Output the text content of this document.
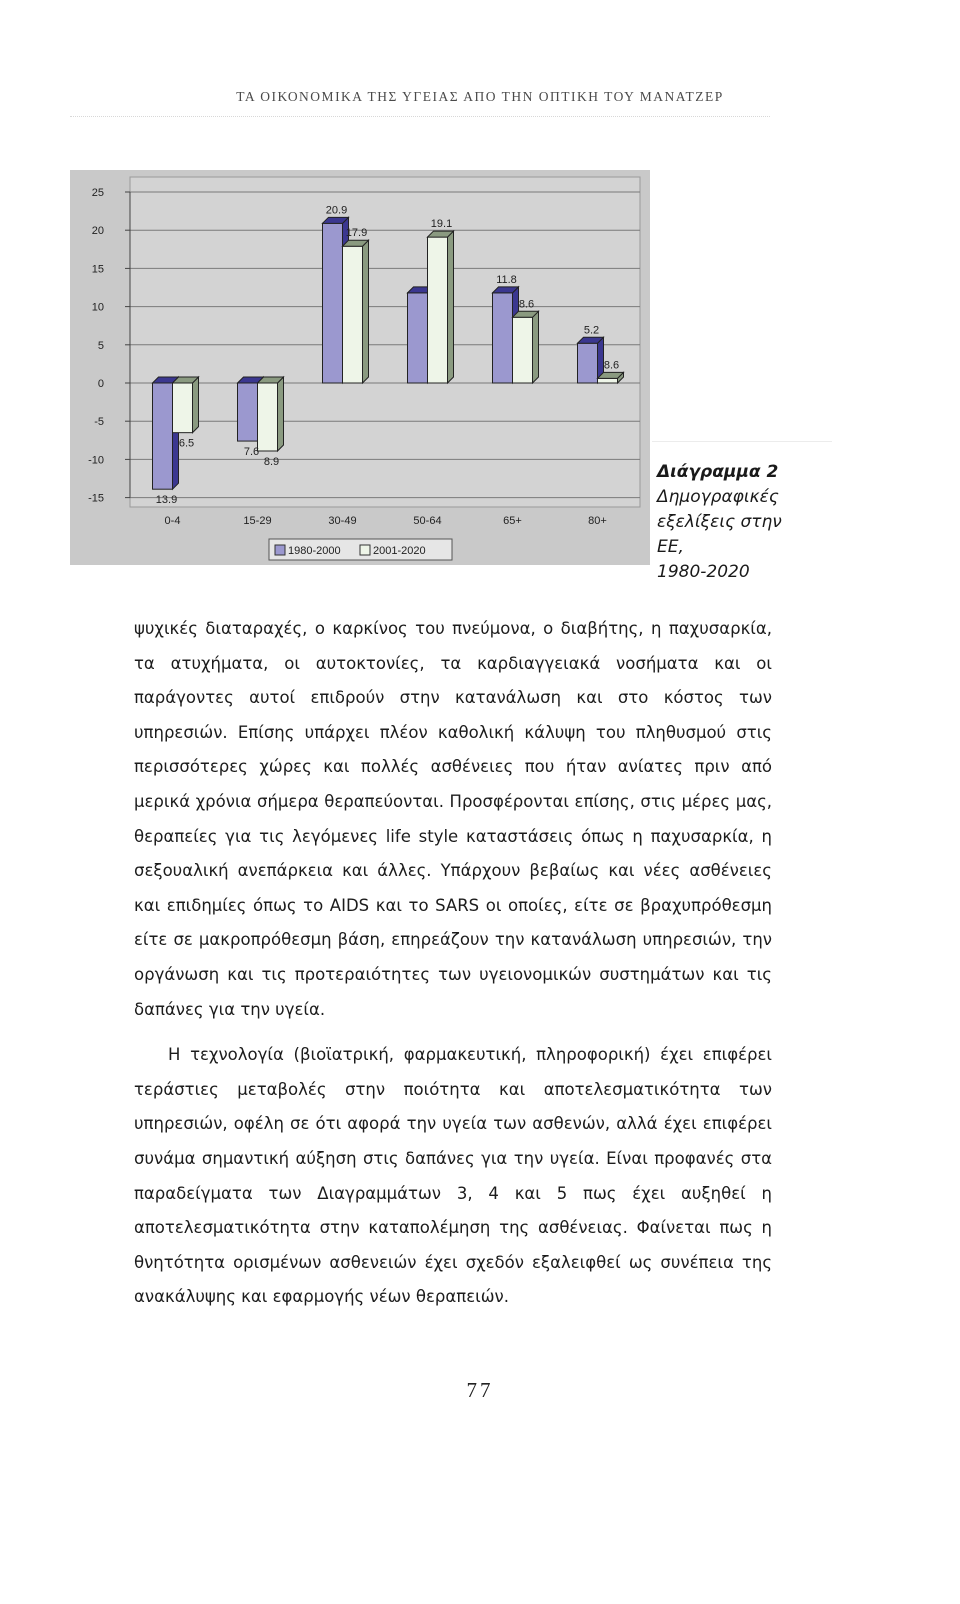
ΤΑ ΟΙΚΟΝΟΜΙΚΑ ΤΗΣ ΥΓΕΙΑΣ ΑΠΟ ΤΗΝ ΟΠΤΙΚΗ ΤΟΥ ΜΑΝΑΤΖΕΡ
25
20
15
10
5
0
-5
-10
-15	13.9
6.5
7.6
8.9
20.9
17.9
19.1
11.8
8.6
5.2
8.6
0-4	15-29	30-49	50-64	65+	80+
1980-2000	2001-2020
Διάγραμμα 2
Δημογραφικές
εξελίξεις στην ΕΕ,
1980-2020

ψυχικές διαταραχές, ο καρκίνος του πνεύμονα, ο διαβήτης, η παχυσαρκία, τα ατυχήματα, οι αυτοκτονίες, τα καρδιαγγειακά νοσήματα και οι παράγοντες αυτοί επιδρούν στην κατανάλωση και στο κόστος των υπηρεσιών. Επίσης υπάρχει πλέον καθολική κάλυψη του πληθυσμού στις περισσότερες χώρες και πολλές ασθένειες που ήταν ανίατες πριν από μερικά χρόνια σήμερα θεραπεύονται. Προσφέρονται επίσης, στις μέρες μας, θεραπείες για τις λεγόμενες life style καταστάσεις όπως η παχυσαρκία, η σεξουαλική ανεπάρκεια και άλλες. Υπάρχουν βεβαίως και νέες ασθένειες και επιδημίες όπως το AIDS και το SARS οι οποίες, είτε σε βραχυπρόθεσμη είτε σε μακροπρόθεσμη βάση, επηρεάζουν την κατανάλωση υπηρεσιών, την οργάνωση και τις προτεραιότητες των υγειονομικών συστημάτων και τις δαπάνες για την υγεία.

Η τεχνολογία (βιοϊατρική, φαρμακευτική, πληροφορική) έχει επιφέρει τεράστιες μεταβολές στην ποιότητα και αποτελεσματικότητα των υπηρεσιών, οφέλη σε ότι αφορά την υγεία των ασθενών, αλλά έχει επιφέρει συνάμα σημαντική αύξηση στις δαπάνες για την υγεία. Είναι προφανές στα παραδείγματα των Διαγραμμάτων 3, 4 και 5 πως έχει αυξηθεί η αποτελεσματικότητα στην καταπολέμηση της ασθένειας. Φαίνεται πως η θνητότητα ορισμένων ασθενειών έχει σχεδόν εξαλειφθεί ως συνέπεια της ανακάλυψης και εφαρμογής νέων θεραπειών.

77
